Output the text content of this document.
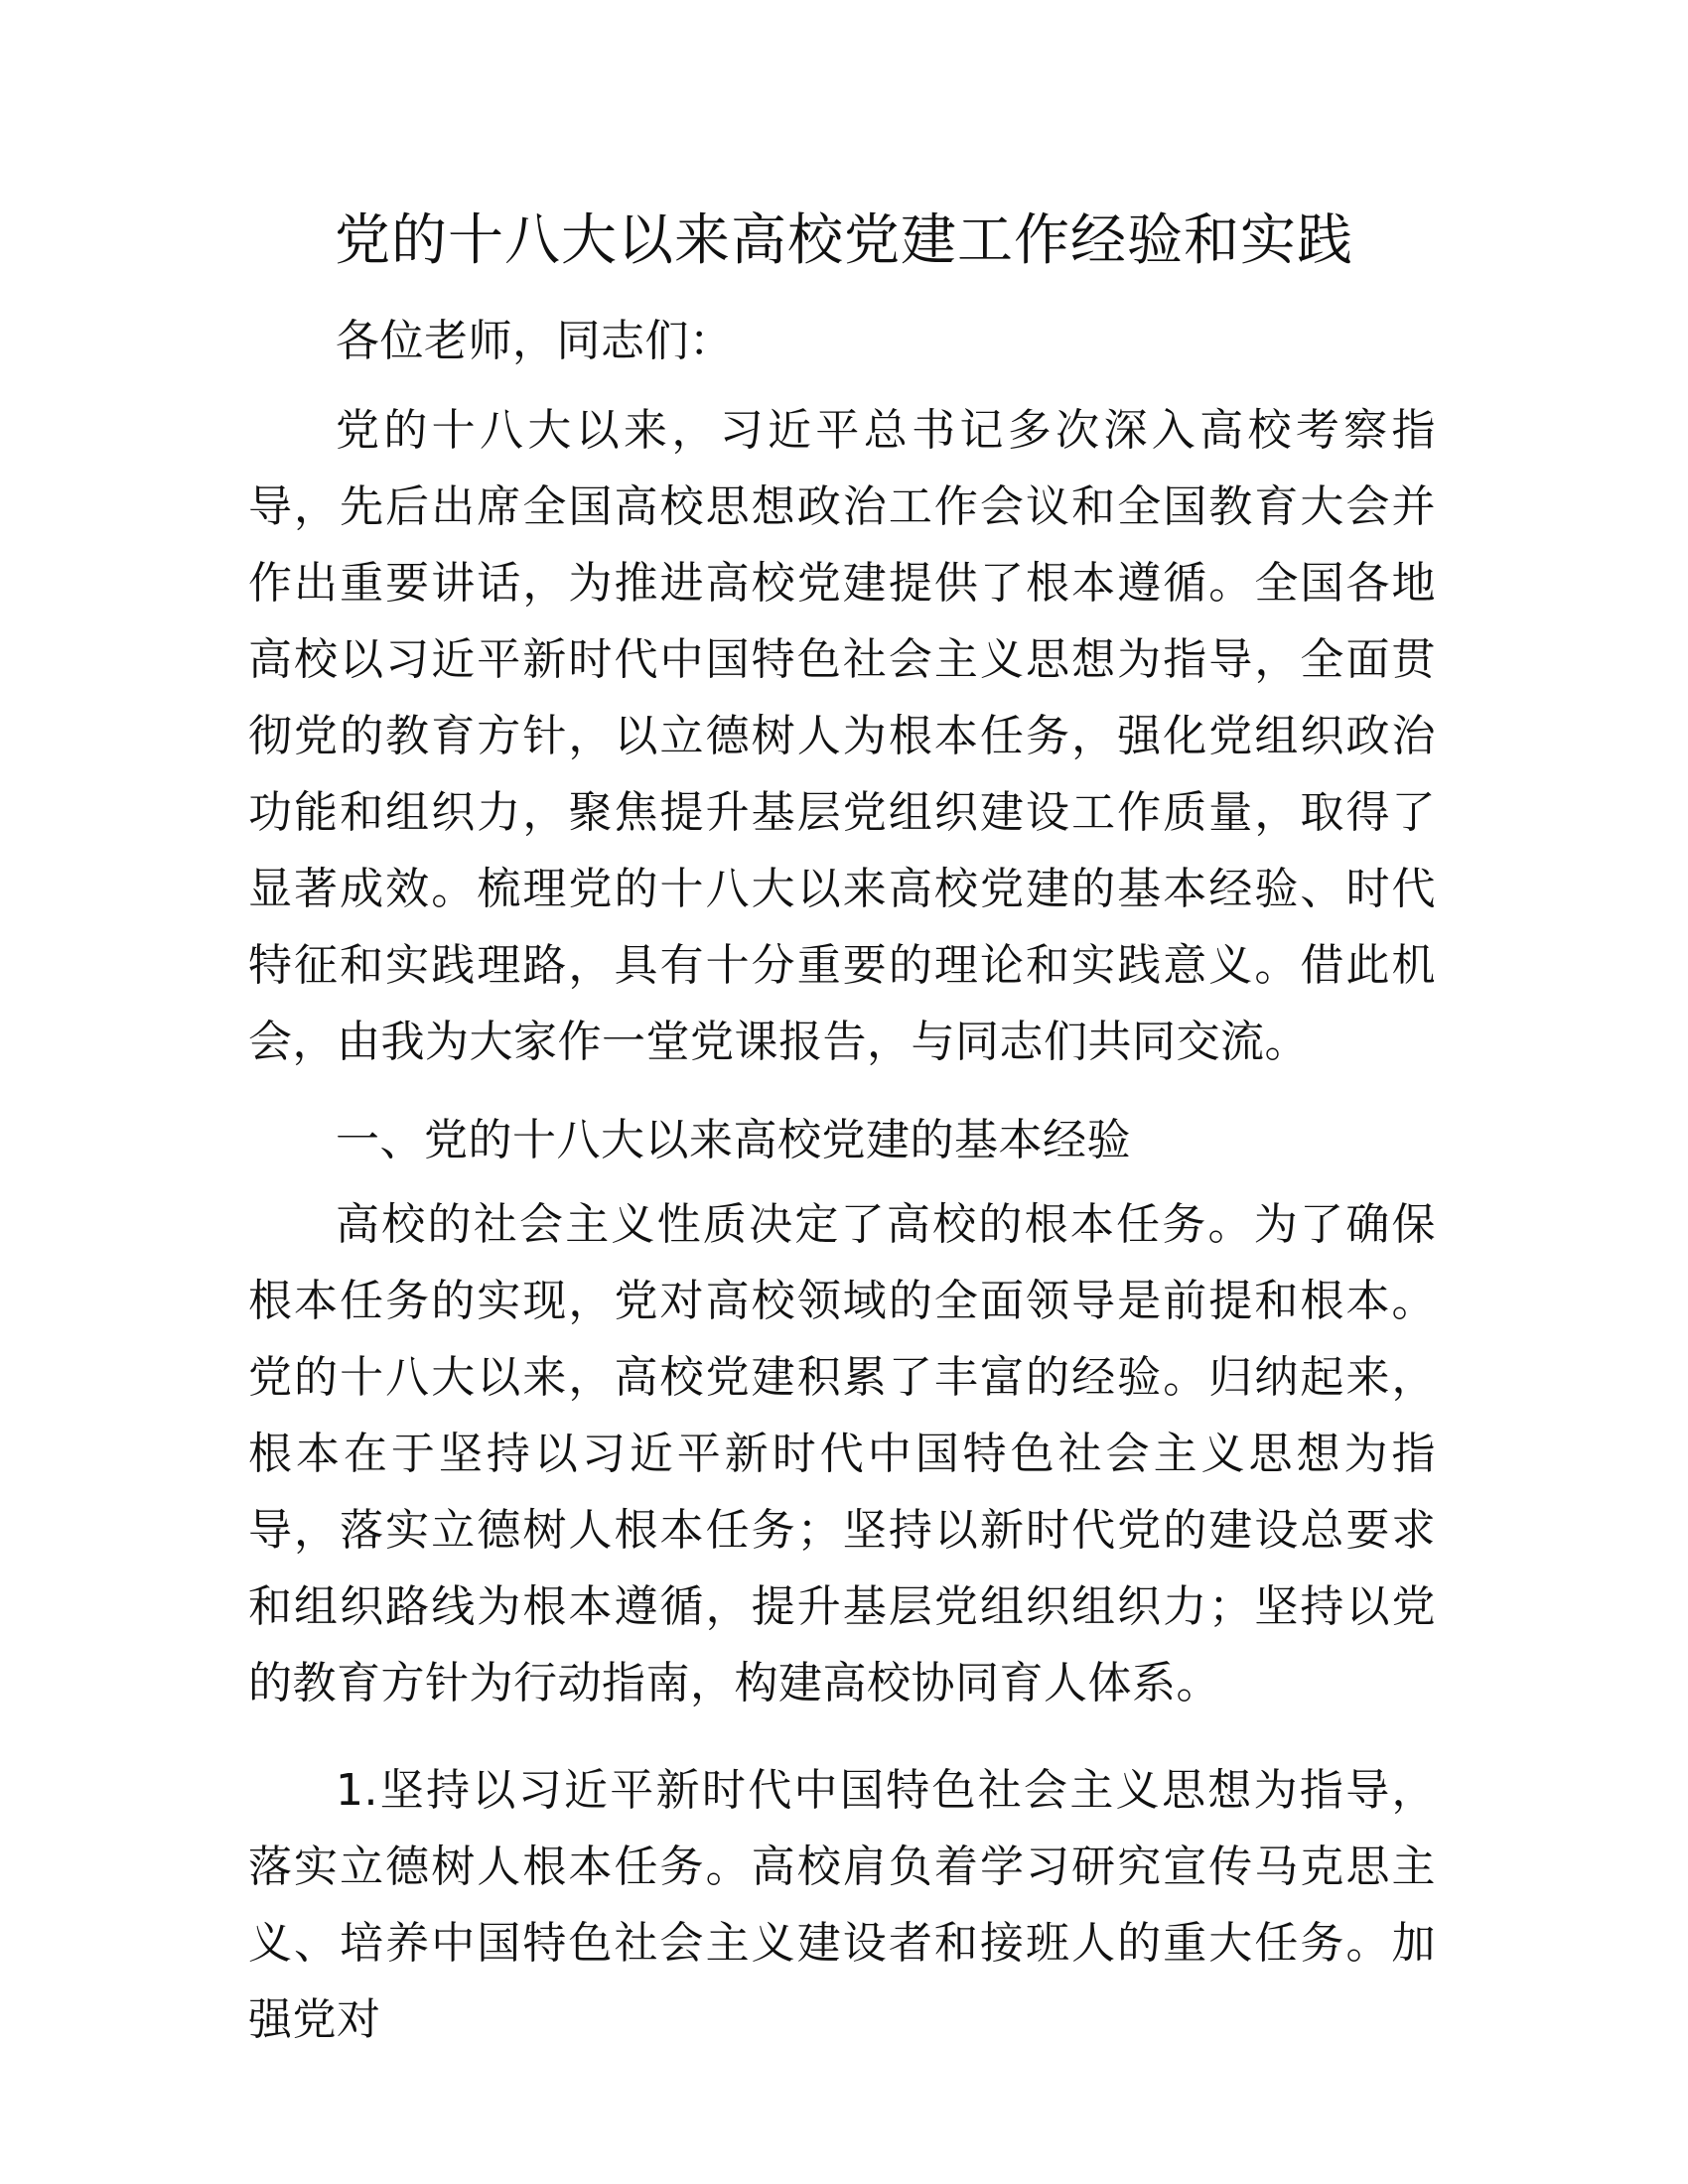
党的十八大以来高校党建工作经验和实践

各位老师，同志们：

党的十八大以来，习近平总书记多次深入高校考察指导，先后出席全国高校思想政治工作会议和全国教育大会并作出重要讲话，为推进高校党建提供了根本遵循。全国各地高校以习近平新时代中国特色社会主义思想为指导，全面贯彻党的教育方针，以立德树人为根本任务，强化党组织政治功能和组织力，聚焦提升基层党组织建设工作质量，取得了显著成效。梳理党的十八大以来高校党建的基本经验、时代特征和实践理路，具有十分重要的理论和实践意义。借此机会，由我为大家作一堂党课报告，与同志们共同交流。

一、党的十八大以来高校党建的基本经验

高校的社会主义性质决定了高校的根本任务。为了确保根本任务的实现，党对高校领域的全面领导是前提和根本。党的十八大以来，高校党建积累了丰富的经验。归纳起来，根本在于坚持以习近平新时代中国特色社会主义思想为指导，落实立德树人根本任务；坚持以新时代党的建设总要求和组织路线为根本遵循，提升基层党组织组织力；坚持以党的教育方针为行动指南，构建高校协同育人体系。

1.坚持以习近平新时代中国特色社会主义思想为指导，落实立德树人根本任务。高校肩负着学习研究宣传马克思主义、培养中国特色社会主义建设者和接班人的重大任务。加强党对
